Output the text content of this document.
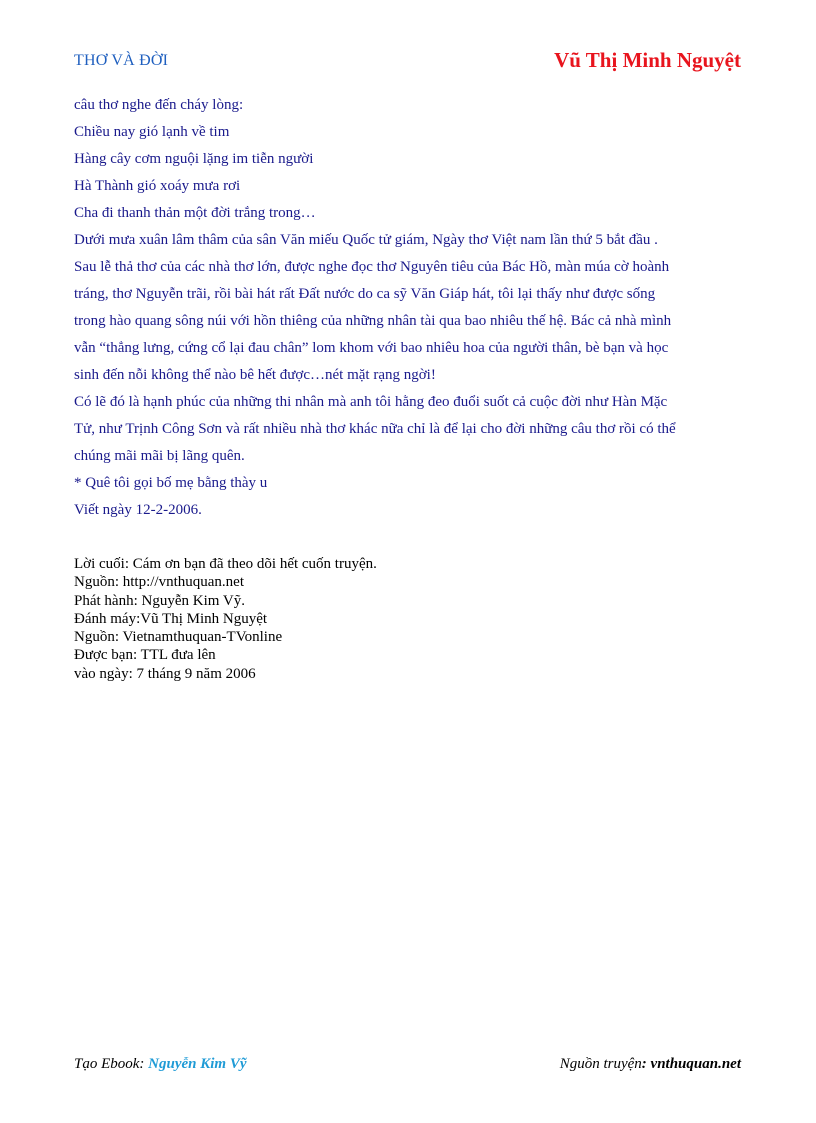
THƠ VÀ ĐỜI	Vũ Thị Minh Nguyệt
câu thơ nghe đến cháy lòng:
Chiều nay gió lạnh về tim
Hàng cây cơm nguội lặng im tiễn người
Hà Thành gió xoáy mưa rơi
Cha đi thanh thản một đời trắng trong…
Dưới mưa xuân lâm thâm của sân Văn miếu Quốc tử giám, Ngày thơ Việt nam lần thứ 5 bắt đầu .
Sau lễ thả thơ của các nhà thơ lớn, được nghe đọc thơ Nguyên tiêu của Bác Hồ, màn múa cờ hoành
tráng, thơ Nguyễn trãi, rồi bài hát rất Đất nước do ca sỹ Văn Giáp hát, tôi lại thấy như được sống
trong hào quang sông núi với hồn thiêng của những nhân tài qua bao nhiêu thế hệ. Bác cả nhà mình
vẫn “thẳng lưng, cứng cổ lại đau chân” lom khom với bao nhiêu hoa của người thân, bè bạn và học
sinh đến nỗi không thể nào bê hết được…nét mặt rạng ngời!
Có lẽ đó là hạnh phúc của những thi nhân mà anh tôi hằng đeo đuổi suốt cả cuộc đời như Hàn Mặc
Tử, như Trịnh Công Sơn và rất nhiều nhà thơ khác nữa chỉ là để lại cho đời những câu thơ rồi có thể
chúng mãi mãi bị lãng quên.
* Quê tôi gọi bố mẹ bằng thày u
Viết ngày 12-2-2006.
Lời cuối: Cám ơn bạn đã theo dõi hết cuốn truyện.
Nguồn: http://vnthuquan.net
Phát hành: Nguyễn Kim Vỹ.
Đánh máy:Vũ Thị Minh Nguyệt
Nguồn: Vietnamthuquan-TVonline
Được bạn: TTL đưa lên
vào ngày: 7 tháng 9 năm 2006
Tạo Ebook: Nguyễn Kim Vỹ	Nguồn truyện: vnthuquan.net
